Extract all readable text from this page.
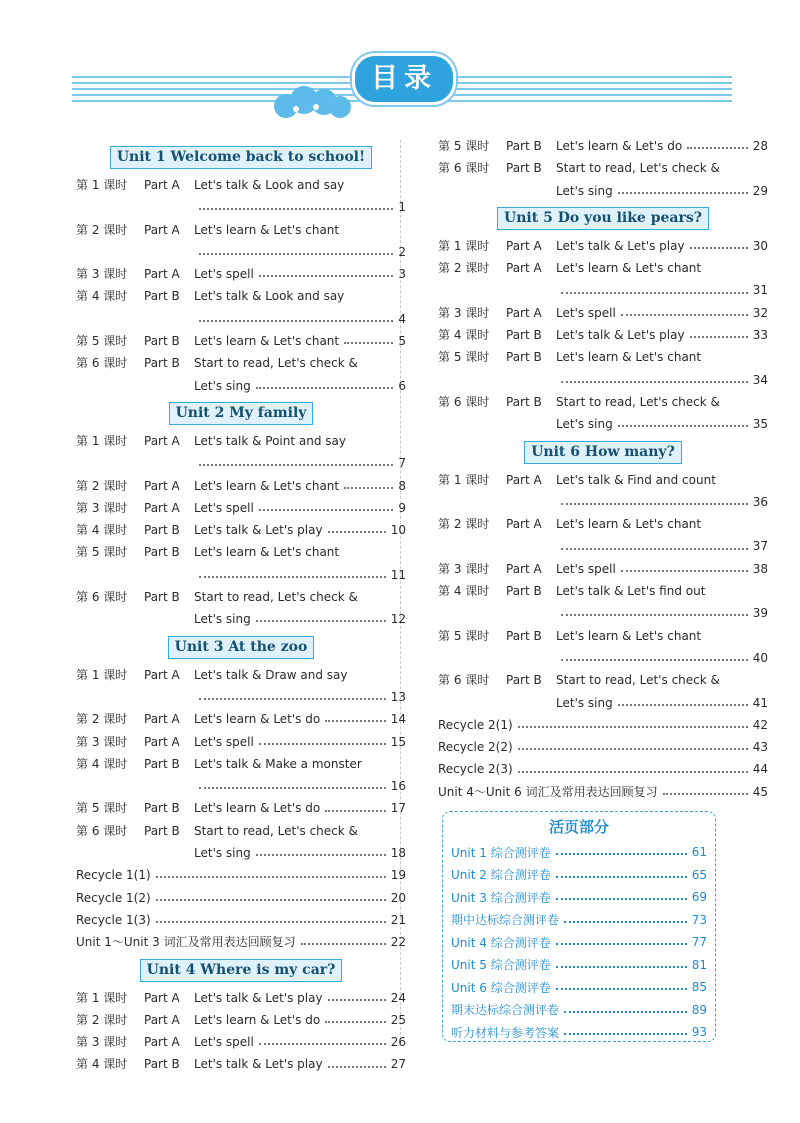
目录
Unit 1 Welcome back to school!
第 1 课时 Part A Let's talk & Look and say
1
第 2 课时 Part A Let's learn & Let's chant
2
第 3 课时 Part A Let's spell	3
第 4 课时 Part B Let's talk & Look and say
4
第 5 课时 Part B Let's learn & Let's chant	5
第 6 课时 Part B Start to read, Let's check &
Let's sing	6
Unit 2 My family
第 1 课时 Part A Let's talk & Point and say
7
第 2 课时 Part A Let's learn & Let's chant	8
第 3 课时 Part A Let's spell	9
第 4 课时 Part B Let's talk & Let's play	10
第 5 课时 Part B Let's learn & Let's chant
11
第 6 课时 Part B Start to read, Let's check &
Let's sing	12
Unit 3 At the zoo
第 1 课时 Part A Let's talk & Draw and say
13
第 2 课时 Part A Let's learn & Let's do	14
第 3 课时 Part A Let's spell	15
第 4 课时 Part B Let's talk & Make a monster
16
第 5 课时 Part B Let's learn & Let's do	17
第 6 课时 Part B Start to read, Let's check &
Let's sing	18
Recycle 1(1)	19
Recycle 1(2)	20
Recycle 1(3)	21
Unit 1～Unit 3 词汇及常用表达回顾复习	22
Unit 4 Where is my car?
第 1 课时 Part A Let's talk & Let's play	24
第 2 课时 Part A Let's learn & Let's do	25
第 3 课时 Part A Let's spell	26
第 4 课时 Part B Let's talk & Let's play	27
第 5 课时 Part B Let's learn & Let's do	28
第 6 课时 Part B Start to read, Let's check &
Let's sing	29
Unit 5 Do you like pears?
第 1 课时 Part A Let's talk & Let's play	30
第 2 课时 Part A Let's learn & Let's chant
31
第 3 课时 Part A Let's spell	32
第 4 课时 Part B Let's talk & Let's play	33
第 5 课时 Part B Let's learn & Let's chant
34
第 6 课时 Part B Start to read, Let's check &
Let's sing	35
Unit 6 How many?
第 1 课时 Part A Let's talk & Find and count
36
第 2 课时 Part A Let's learn & Let's chant
37
第 3 课时 Part A Let's spell	38
第 4 课时 Part B Let's talk & Let's find out
39
第 5 课时 Part B Let's learn & Let's chant
40
第 6 课时 Part B Start to read, Let's check &
Let's sing	41
Recycle 2(1)	42
Recycle 2(2)	43
Recycle 2(3)	44
Unit 4～Unit 6 词汇及常用表达回顾复习	45
活页部分
Unit 1 综合测评卷	61
Unit 2 综合测评卷	65
Unit 3 综合测评卷	69
期中达标综合测评卷	73
Unit 4 综合测评卷	77
Unit 5 综合测评卷	81
Unit 6 综合测评卷	85
期末达标综合测评卷	89
听力材料与参考答案	93
